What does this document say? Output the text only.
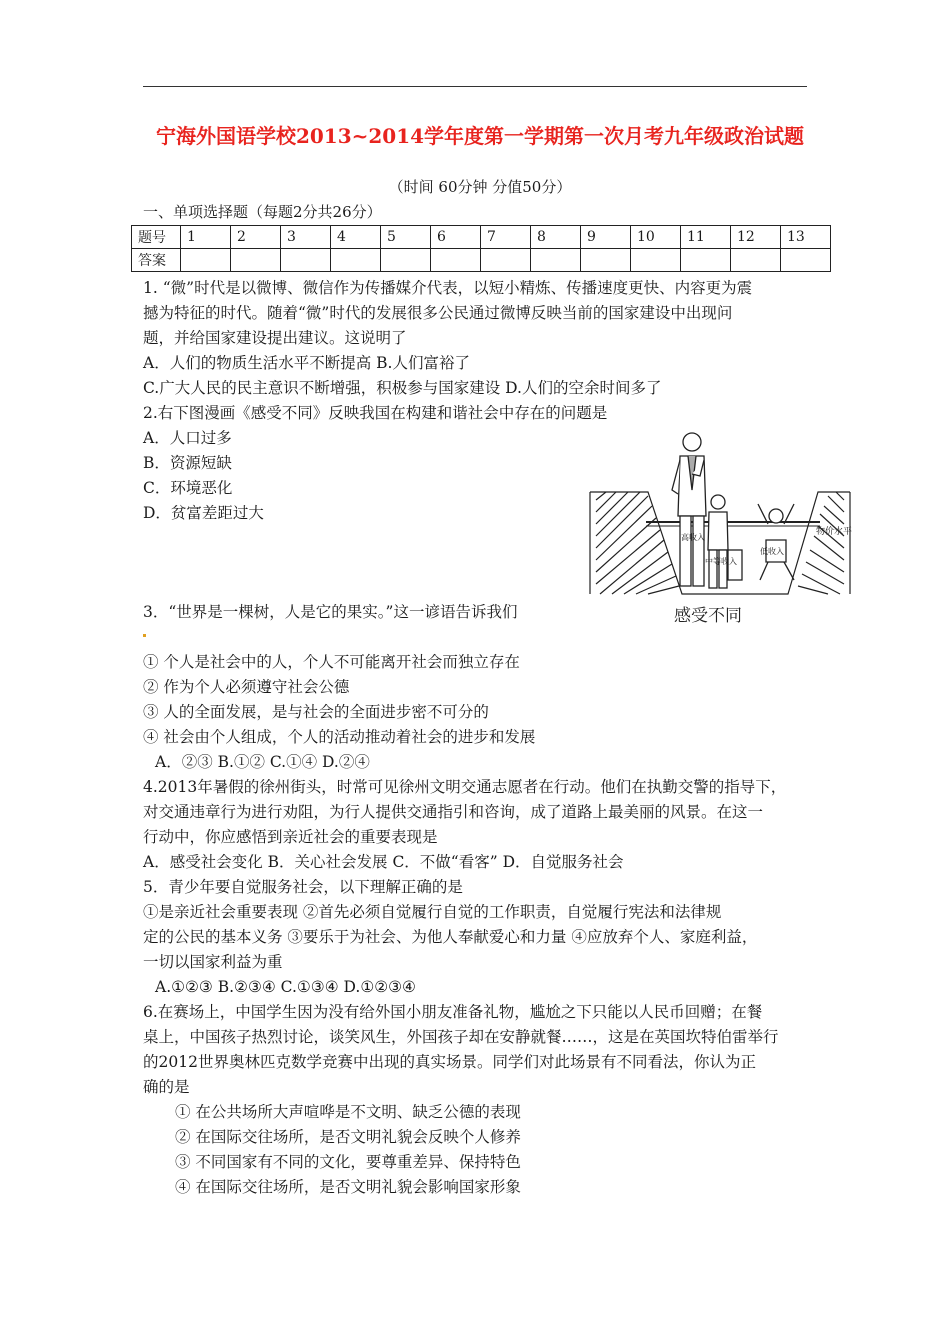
宁海外国语学校2013~2014学年度第一学期第一次月考九年级政治试题
（时间 60分钟 分值50分）
一、单项选择题（每题2分共26分）
题号	1	2	3	4	5	6	7	8	9	10	11	12	13
答案													
1. “微”时代是以微博、微信作为传播媒介代表，以短小精炼、传播速度更快、内容更为震
撼为特征的时代。随着“微”时代的发展很多公民通过微博反映当前的国家建设中出现问
题，并给国家建设提出建议。这说明了
A．人们的物质生活水平不断提高 B.人们富裕了
C.广大人民的民主意识不断增强，积极参与国家建设 D.人们的空余时间多了
2.右下图漫画《感受不同》反映我国在构建和谐社会中存在的问题是
A．人口过多
B．资源短缺
C．环境恶化
D．贫富差距过大
物价水平
高收入
中等收入
低收入
感受不同
3．“世界是一棵树，人是它的果实。”这一谚语告诉我们
① 个人是社会中的人，个人不可能离开社会而独立存在
② 作为个人必须遵守社会公德
③ 人的全面发展，是与社会的全面进步密不可分的
④ 社会由个人组成，个人的活动推动着社会的进步和发展
A．②③ B.①② C.①④ D.②④
4.2013年暑假的徐州街头，时常可见徐州文明交通志愿者在行动。他们在执勤交警的指导下，
对交通违章行为进行劝阻，为行人提供交通指引和咨询，成了道路上最美丽的风景。在这一
行动中，你应感悟到亲近社会的重要表现是
A．感受社会变化 B．关心社会发展 C．不做“看客” D．自觉服务社会
5．青少年要自觉服务社会，以下理解正确的是
①是亲近社会重要表现 ②首先必须自觉履行自觉的工作职责，自觉履行宪法和法律规
定的公民的基本义务 ③要乐于为社会、为他人奉献爱心和力量 ④应放弃个人、家庭利益，
一切以国家利益为重
A.①②③ B.②③④ C.①③④ D.①②③④
6.在赛场上，中国学生因为没有给外国小朋友准备礼物，尴尬之下只能以人民币回赠；在餐
桌上，中国孩子热烈讨论，谈笑风生，外国孩子却在安静就餐……，这是在英国坎特伯雷举行
的2012世界奥林匹克数学竞赛中出现的真实场景。同学们对此场景有不同看法，你认为正
确的是
① 在公共场所大声喧哗是不文明、缺乏公德的表现
② 在国际交往场所，是否文明礼貌会反映个人修养
③ 不同国家有不同的文化，要尊重差异、保持特色
④ 在国际交往场所，是否文明礼貌会影响国家形象
